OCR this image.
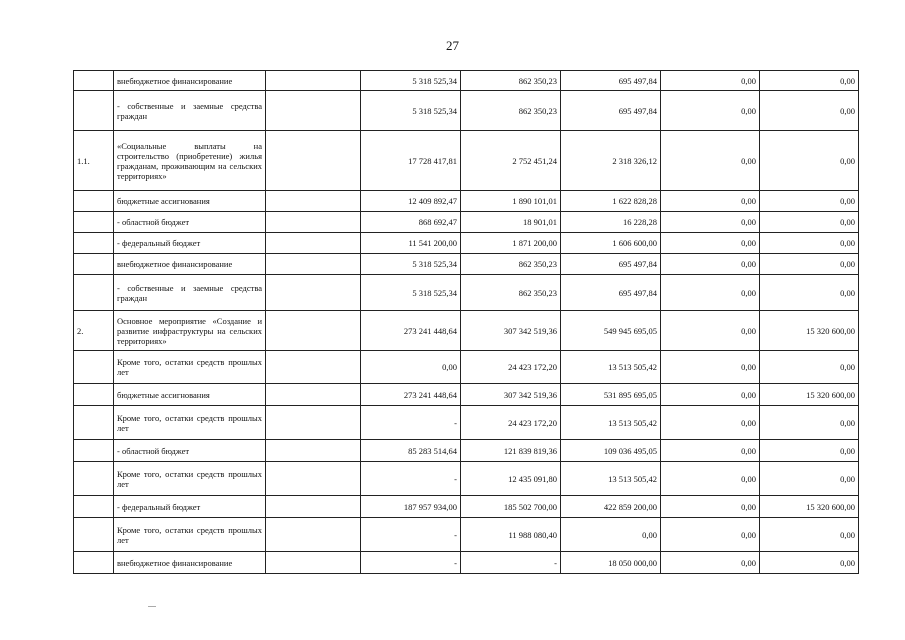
27
	внебюджетное финансирование		5 318 525,34	862 350,23	695 497,84	0,00	0,00
	- собственные и заемные средства граждан		5 318 525,34	862 350,23	695 497,84	0,00	0,00
1.1.	«Социальные выплаты на строительство (приобретение) жилья гражданам, проживающим на сельских территориях»		17 728 417,81	2 752 451,24	2 318 326,12	0,00	0,00
	бюджетные ассигнования		12 409 892,47	1 890 101,01	1 622 828,28	0,00	0,00
	- областной бюджет		868 692,47	18 901,01	16 228,28	0,00	0,00
	- федеральный бюджет		11 541 200,00	1 871 200,00	1 606 600,00	0,00	0,00
	внебюджетное финансирование		5 318 525,34	862 350,23	695 497,84	0,00	0,00
	- собственные и заемные средства граждан		5 318 525,34	862 350,23	695 497,84	0,00	0,00
2.	Основное мероприятие «Создание и развитие инфраструктуры на сельских территориях»		273 241 448,64	307 342 519,36	549 945 695,05	0,00	15 320 600,00
	Кроме того, остатки средств прошлых лет		0,00	24 423 172,20	13 513 505,42	0,00	0,00
	бюджетные ассигнования		273 241 448,64	307 342 519,36	531 895 695,05	0,00	15 320 600,00
	Кроме того, остатки средств прошлых лет		-	24 423 172,20	13 513 505,42	0,00	0,00
	- областной бюджет		85 283 514,64	121 839 819,36	109 036 495,05	0,00	0,00
	Кроме того, остатки средств прошлых лет		-	12 435 091,80	13 513 505,42	0,00	0,00
	- федеральный бюджет		187 957 934,00	185 502 700,00	422 859 200,00	0,00	15 320 600,00
	Кроме того, остатки средств прошлых лет		-	11 988 080,40	0,00	0,00	0,00
	внебюджетное финансирование		-	-	18 050 000,00	0,00	0,00
